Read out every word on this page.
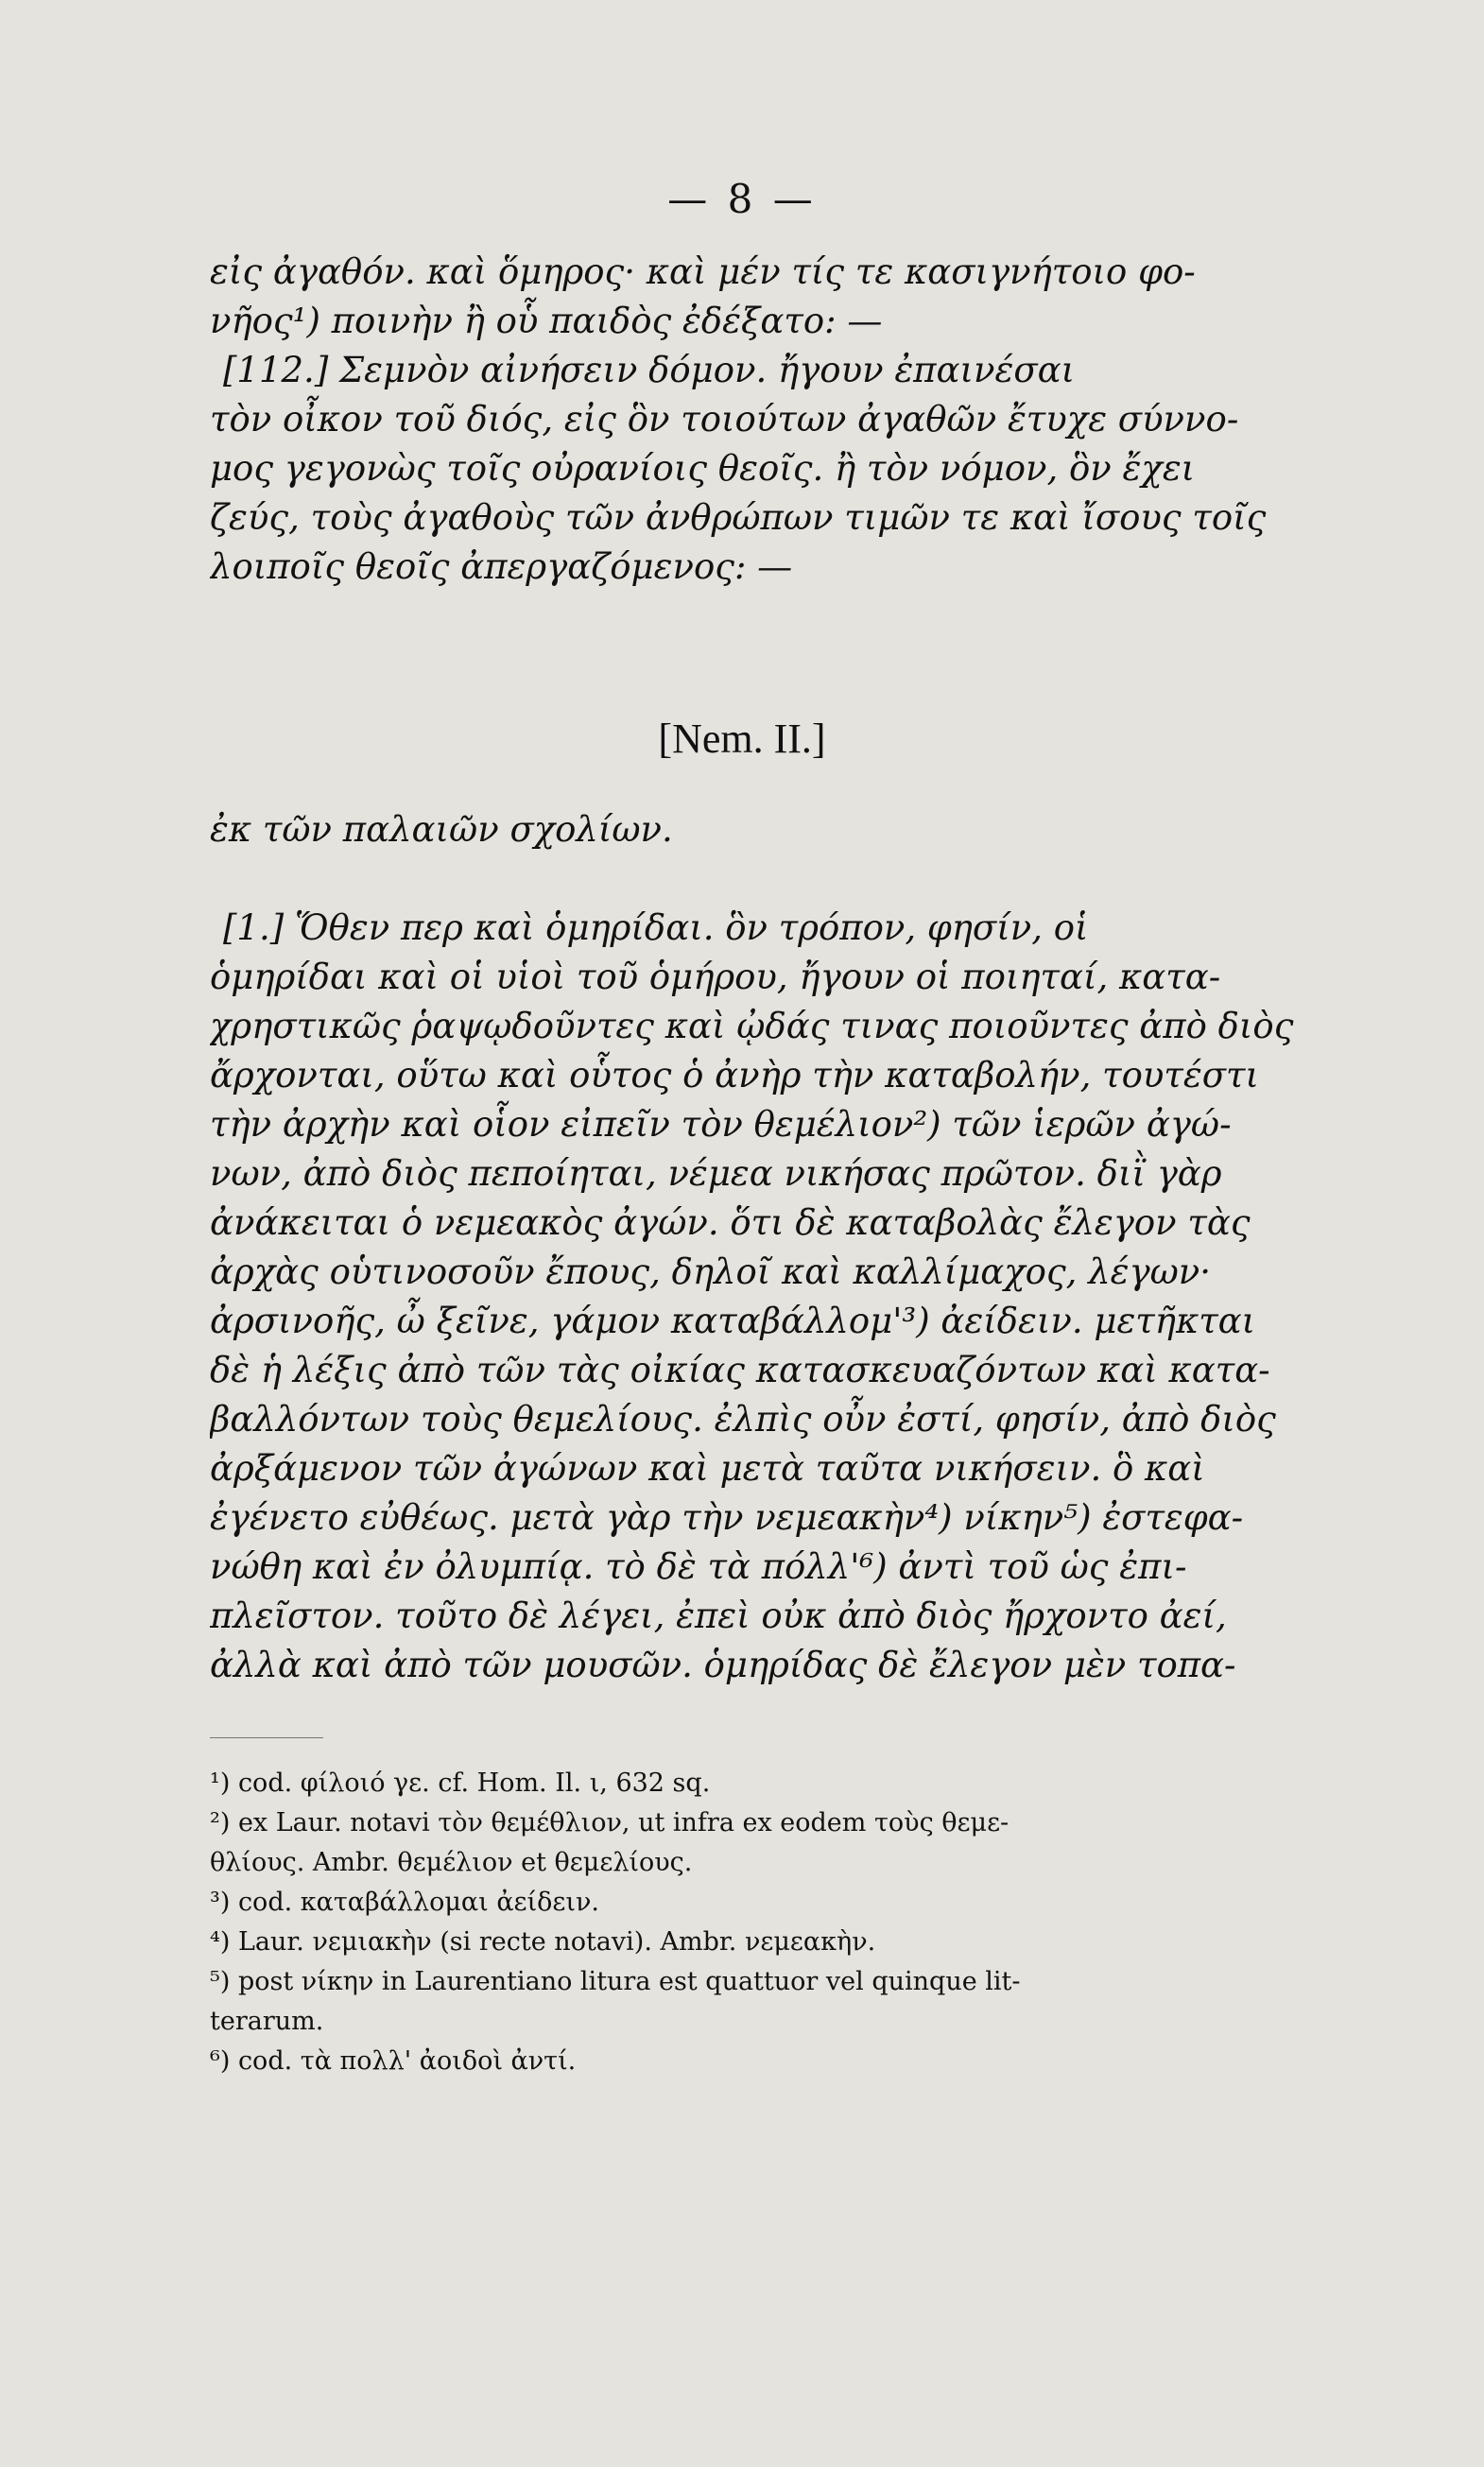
— 8 —
εἰς ἀγαθόν. καὶ ὅμηρος· καὶ μέν τίς τε κασιγνήτοιο φο-
νῆος¹) ποινὴν ἢ οὗ παιδὸς ἐδέξατο: —
[112.] Σεμνὸν αἰνήσειν δόμον. ἤγουν ἐπαινέσαι
τὸν οἶκον τοῦ διός, εἰς ὃν τοιούτων ἀγαθῶν ἔτυχε σύννο-
μος γεγονὼς τοῖς οὐρανίοις θεοῖς. ἢ τὸν νόμον, ὃν ἔχει
ζεύς, τοὺς ἀγαθοὺς τῶν ἀνθρώπων τιμῶν τε καὶ ἴσους τοῖς
λοιποῖς θεοῖς ἀπεργαζόμενος: —
[Nem. II.]
ἐκ τῶν παλαιῶν σχολίων.
[1.] Ὅθεν περ καὶ ὁμηρίδαι. ὃν τρόπον, φησίν, οἱ
ὁμηρίδαι καὶ οἱ υἱοὶ τοῦ ὁμήρου, ἤγουν οἱ ποιηταί, κατα-
χρηστικῶς ῥαψῳδοῦντες καὶ ᾠδάς τινας ποιοῦντες ἀπὸ διὸς
ἄρχονται, οὕτω καὶ οὗτος ὁ ἀνὴρ τὴν καταβολήν, τουτέστι
τὴν ἀρχὴν καὶ οἷον εἰπεῖν τὸν θεμέλιον²) τῶν ἱερῶν ἀγώ-
νων, ἀπὸ διὸς πεποίηται, νέμεα νικήσας πρῶτον. διῒ γὰρ
ἀνάκειται ὁ νεμεακὸς ἀγών. ὅτι δὲ καταβολὰς ἔλεγον τὰς
ἀρχὰς οὑτινοσοῦν ἔπους, δηλοῖ καὶ καλλίμαχος, λέγων·
ἀρσινοῆς, ὦ ξεῖνε, γάμον καταβάλλομ'³) ἀείδειν. μετῆκται
δὲ ἡ λέξις ἀπὸ τῶν τὰς οἰκίας κατασκευαζόντων καὶ κατα-
βαλλόντων τοὺς θεμελίους. ἐλπὶς οὖν ἐστί, φησίν, ἀπὸ διὸς
ἀρξάμενον τῶν ἀγώνων καὶ μετὰ ταῦτα νικήσειν. ὃ καὶ
ἐγένετο εὐθέως. μετὰ γὰρ τὴν νεμεακὴν⁴) νίκην⁵) ἐστεφα-
νώθη καὶ ἐν ὀλυμπίᾳ. τὸ δὲ τὰ πόλλ'⁶) ἀντὶ τοῦ ὡς ἐπι-
πλεῖστον. τοῦτο δὲ λέγει, ἐπεὶ οὐκ ἀπὸ διὸς ἤρχοντο ἀεί,
ἀλλὰ καὶ ἀπὸ τῶν μουσῶν. ὁμηρίδας δὲ ἔλεγον μὲν τοπα-
¹) cod. φίλοιό γε. cf. Hom. Il. ι, 632 sq.
²) ex Laur. notavi τὸν θεμέθλιον, ut infra ex eodem τοὺς θεμε-
θλίους. Ambr. θεμέλιον et θεμελίους.
³) cod. καταβάλλομαι ἀείδειν.
⁴) Laur. νεμιακὴν (si recte notavi). Ambr. νεμεακὴν.
⁵) post νίκην in Laurentiano litura est quattuor vel quinque lit-
terarum.
⁶) cod. τὰ πολλ' ἀοιδοὶ ἀντί.
